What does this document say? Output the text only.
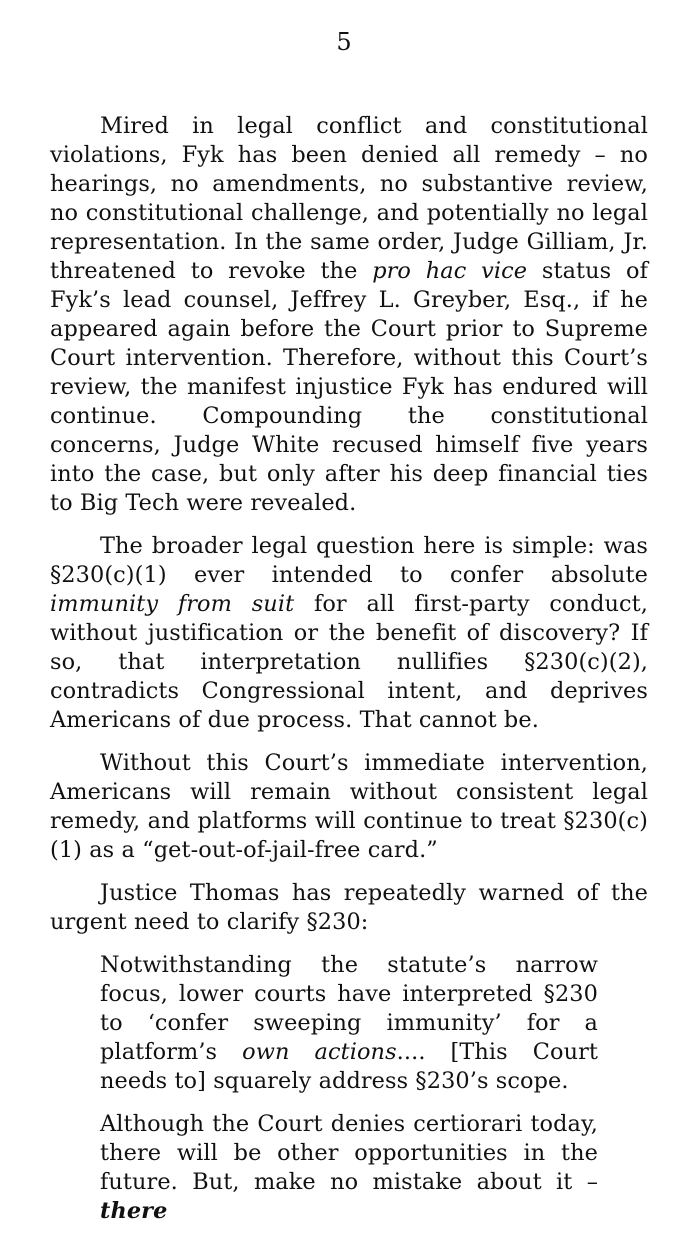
5

Mired in legal conflict and constitutional violations, Fyk has been denied all remedy – no hearings, no amendments, no substantive review, no constitutional challenge, and potentially no legal representation. In the same order, Judge Gilliam, Jr. threatened to revoke the pro hac vice status of Fyk’s lead counsel, Jeffrey L. Greyber, Esq., if he appeared again before the Court prior to Supreme Court intervention. Therefore, without this Court’s review, the manifest injustice Fyk has endured will continue. Compounding the constitutional concerns, Judge White recused himself five years into the case, but only after his deep financial ties to Big Tech were revealed.

The broader legal question here is simple: was §230(c)(1) ever intended to confer absolute immunity from suit for all first-party conduct, without justification or the benefit of discovery? If so, that interpretation nullifies §230(c)(2), contradicts Congressional intent, and deprives Americans of due process. That cannot be.

Without this Court’s immediate intervention, Americans will remain without consistent legal remedy, and platforms will continue to treat §230(c)(1) as a “get-out-of-jail-free card.”

Justice Thomas has repeatedly warned of the urgent need to clarify §230:

Notwithstanding the statute’s narrow focus, lower courts have interpreted §230 to ‘confer sweeping immunity’ for a platform’s own actions.... [This Court needs to] squarely address §230’s scope.

Although the Court denies certiorari today, there will be other opportunities in the future. But, make no mistake about it – there
